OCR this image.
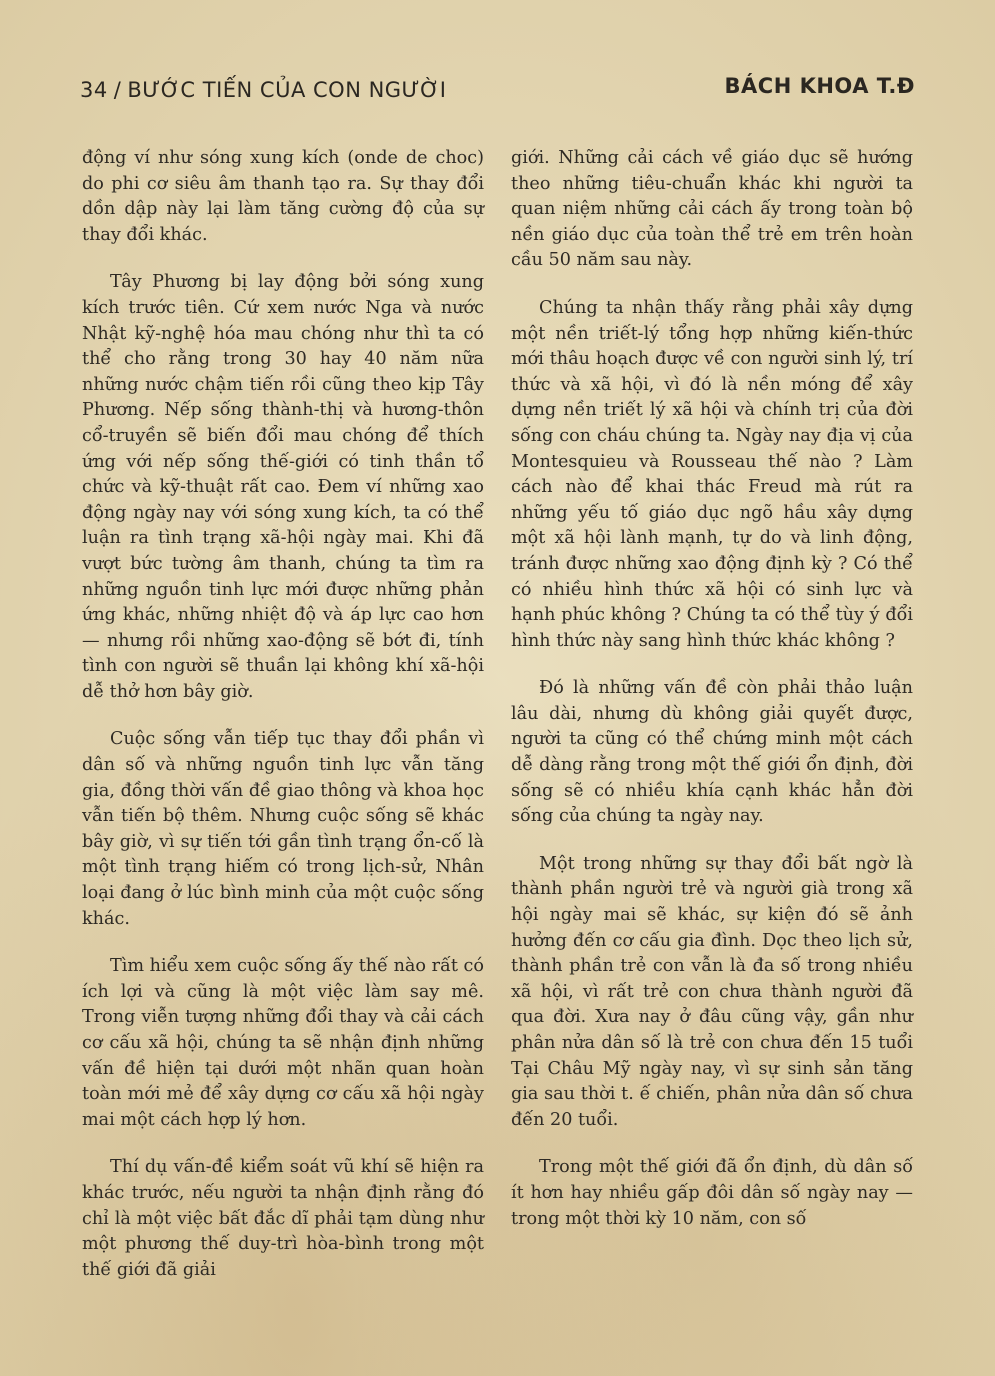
34 / BƯỚC TIẾN CỦA CON NGƯỜI	BÁCH KHOA T.Đ

động ví như sóng xung kích (onde de choc) do phi cơ siêu âm thanh tạo ra. Sự thay đổi dồn dập này lại làm tăng cường độ của sự thay đổi khác.

Tây Phương bị lay động bởi sóng xung kích trước tiên. Cứ xem nước Nga và nước Nhật kỹ-nghệ hóa mau chóng như thì ta có thể cho rằng trong 30 hay 40 năm nữa những nước chậm tiến rồi cũng theo kịp Tây Phương. Nếp sống thành-thị và hương-thôn cổ-truyền sẽ biến đổi mau chóng để thích ứng với nếp sống thế-giới có tinh thần tổ chức và kỹ-thuật rất cao. Đem ví những xao động ngày nay với sóng xung kích, ta có thể luận ra tình trạng xã-hội ngày mai. Khi đã vượt bức tường âm thanh, chúng ta tìm ra những nguồn tinh lực mới được những phản ứng khác, những nhiệt độ và áp lực cao hơn — nhưng rồi những xao-động sẽ bớt đi, tính tình con người sẽ thuần lại không khí xã-hội dễ thở hơn bây giờ.

Cuộc sống vẫn tiếp tục thay đổi phần vì dân số và những nguồn tinh lực vẫn tăng gia, đồng thời vấn đề giao thông và khoa học vẫn tiến bộ thêm. Nhưng cuộc sống sẽ khác bây giờ, vì sự tiến tới gần tình trạng ổn-cố là một tình trạng hiếm có trong lịch-sử, Nhân loại đang ở lúc bình minh của một cuộc sống khác.

Tìm hiểu xem cuộc sống ấy thế nào rất có ích lợi và cũng là một việc làm say mê. Trong viễn tượng những đổi thay và cải cách cơ cấu xã hội, chúng ta sẽ nhận định những vấn đề hiện tại dưới một nhãn quan hoàn toàn mới mẻ để xây dựng cơ cấu xã hội ngày mai một cách hợp lý hơn.

Thí dụ vấn-đề kiểm soát vũ khí sẽ hiện ra khác trước, nếu người ta nhận định rằng đó chỉ là một việc bất đắc dĩ phải tạm dùng như một phương thế duy-trì hòa-bình trong một thế giới đã giải

giới. Những cải cách về giáo dục sẽ hướng theo những tiêu-chuẩn khác khi người ta quan niệm những cải cách ấy trong toàn bộ nền giáo dục của toàn thể trẻ em trên hoàn cầu 50 năm sau này.

Chúng ta nhận thấy rằng phải xây dựng một nền triết-lý tổng hợp những kiến-thức mới thâu hoạch được về con người sinh lý, trí thức và xã hội, vì đó là nền móng để xây dựng nền triết lý xã hội và chính trị của đời sống con cháu chúng ta. Ngày nay địa vị của Montesquieu và Rousseau thế nào ? Làm cách nào để khai thác Freud mà rút ra những yếu tố giáo dục ngõ hầu xây dựng một xã hội lành mạnh, tự do và linh động, tránh được những xao động định kỳ ? Có thể có nhiều hình thức xã hội có sinh lực và hạnh phúc không ? Chúng ta có thể tùy ý đổi hình thức này sang hình thức khác không ?

Đó là những vấn đề còn phải thảo luận lâu dài, nhưng dù không giải quyết được, người ta cũng có thể chứng minh một cách dễ dàng rằng trong một thế giới ổn định, đời sống sẽ có nhiều khía cạnh khác hẳn đời sống của chúng ta ngày nay.

Một trong những sự thay đổi bất ngờ là thành phần người trẻ và người già trong xã hội ngày mai sẽ khác, sự kiện đó sẽ ảnh hưởng đến cơ cấu gia đình. Dọc theo lịch sử, thành phần trẻ con vẫn là đa số trong nhiều xã hội, vì rất trẻ con chưa thành người đã qua đời. Xưa nay ở đâu cũng vậy, gần như phân nửa dân số là trẻ con chưa đến 15 tuổi Tại Châu Mỹ ngày nay, vì sự sinh sản tăng gia sau thời t. ế chiến, phân nửa dân số chưa đến 20 tuổi.

Trong một thế giới đã ổn định, dù dân số ít hơn hay nhiều gấp đôi dân số ngày nay — trong một thời kỳ 10 năm, con số
